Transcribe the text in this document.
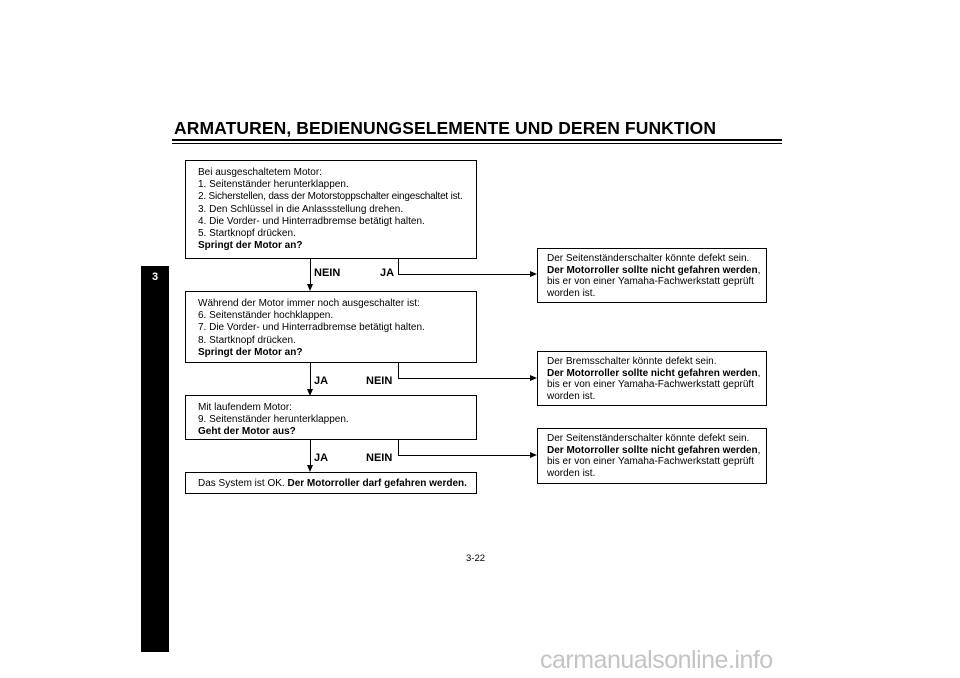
ARMATUREN, BEDIENUNGSELEMENTE UND DEREN FUNKTION
3
Bei ausgeschaltetem Motor:
1. Seitenständer herunterklappen.
2. Sicherstellen, dass der Motorstoppschalter eingeschaltet ist.
3. Den Schlüssel in die Anlassstellung drehen.
4. Die Vorder- und Hinterradbremse betätigt halten.
5. Startknopf drücken.
Springt der Motor an?
NEIN	JA
Der Seitenständerschalter könnte defekt sein.
Der Motorroller sollte nicht gefahren werden,
bis er von einer Yamaha-Fachwerkstatt geprüft
worden ist.
Während der Motor immer noch ausgeschalter ist:
6. Seitenständer hochklappen.
7. Die Vorder- und Hinterradbremse betätigt halten.
8. Startknopf drücken.
Springt der Motor an?
JA	NEIN
Der Bremsschalter könnte defekt sein.
Der Motorroller sollte nicht gefahren werden,
bis er von einer Yamaha-Fachwerkstatt geprüft
worden ist.
Mit laufendem Motor:
9. Seitenständer herunterklappen.
Geht der Motor aus?
JA	NEIN
Der Seitenständerschalter könnte defekt sein.
Der Motorroller sollte nicht gefahren werden,
bis er von einer Yamaha-Fachwerkstatt geprüft
worden ist.
Das System ist OK. Der Motorroller darf gefahren werden.
3-22
carmanualsonline.info
